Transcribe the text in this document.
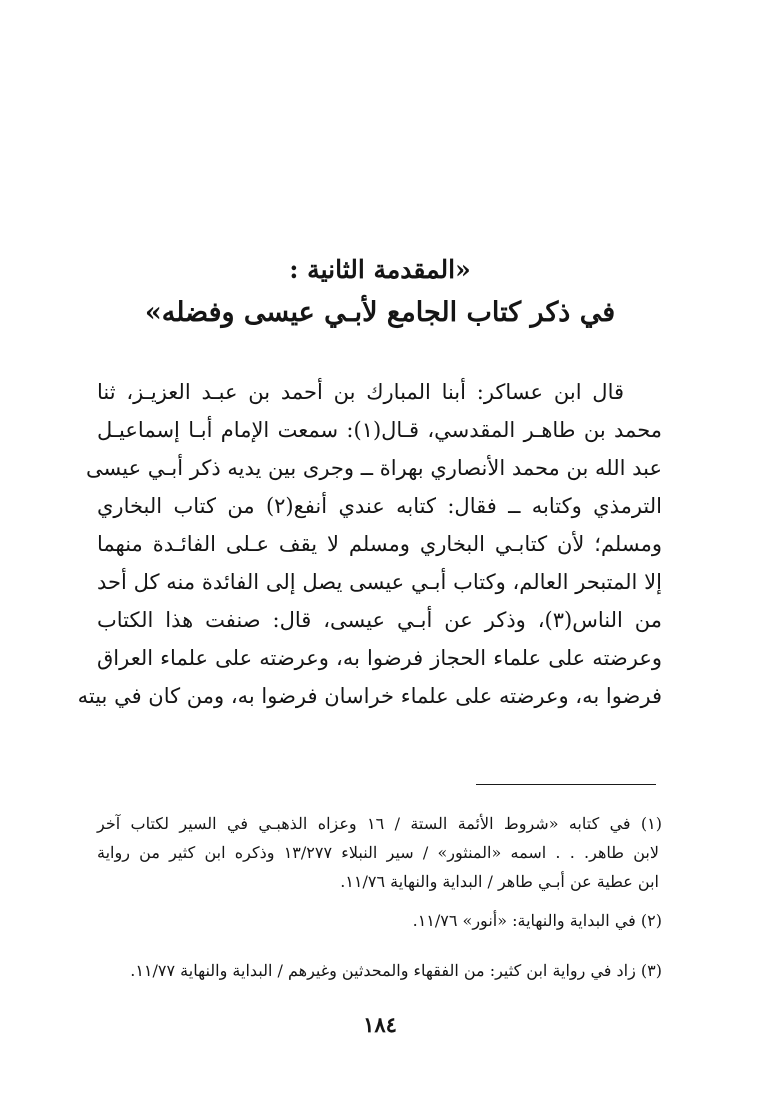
«المقدمة الثانية :
في ذكر كتاب الجامع لأبـي عيسى وفضله»
قال ابن عساكر: أبنا المبارك بن أحمد بن عبـد العزيـز، ثنا
محمد بن طاهـر المقدسي، قـال(١): سمعت الإمام أبـا إسماعيـل
عبد الله بن محمد الأنصاري بهراة ــ وجرى بين يديه ذكر أبـي عيسى
الترمذي وكتابه ــ فقال: كتابه عندي أنفع(٢) من كتاب البخاري
ومسلم؛ لأن كتابـي البخاري ومسلم لا يقف عـلى الفائـدة منهما
إلا المتبحر العالم، وكتاب أبـي عيسى يصل إلى الفائدة منه كل أحد
من الناس(٣)، وذكر عن أبـي عيسى، قال: صنفت هذا الكتاب
وعرضته على علماء الحجاز فرضوا به، وعرضته على علماء العراق
فرضوا به، وعرضته على علماء خراسان فرضوا به، ومن كان في بيته
(١) في كتابه «شروط الأئمة الستة / ١٦ وعزاه الذهبـي في السير لكتاب آخر
لابن طاهر. . . اسمه «المنثور» / سير النبلاء ١٣/٢٧٧ وذكره ابن كثير من رواية
ابن عطية عن أبـي طاهر / البداية والنهاية ١١/٧٦.
(٢) في البداية والنهاية: «أنور» ١١/٧٦.
(٣) زاد في رواية ابن كثير: من الفقهاء والمحدثين وغيرهم / البداية والنهاية ١١/٧٧.
١٨٤
